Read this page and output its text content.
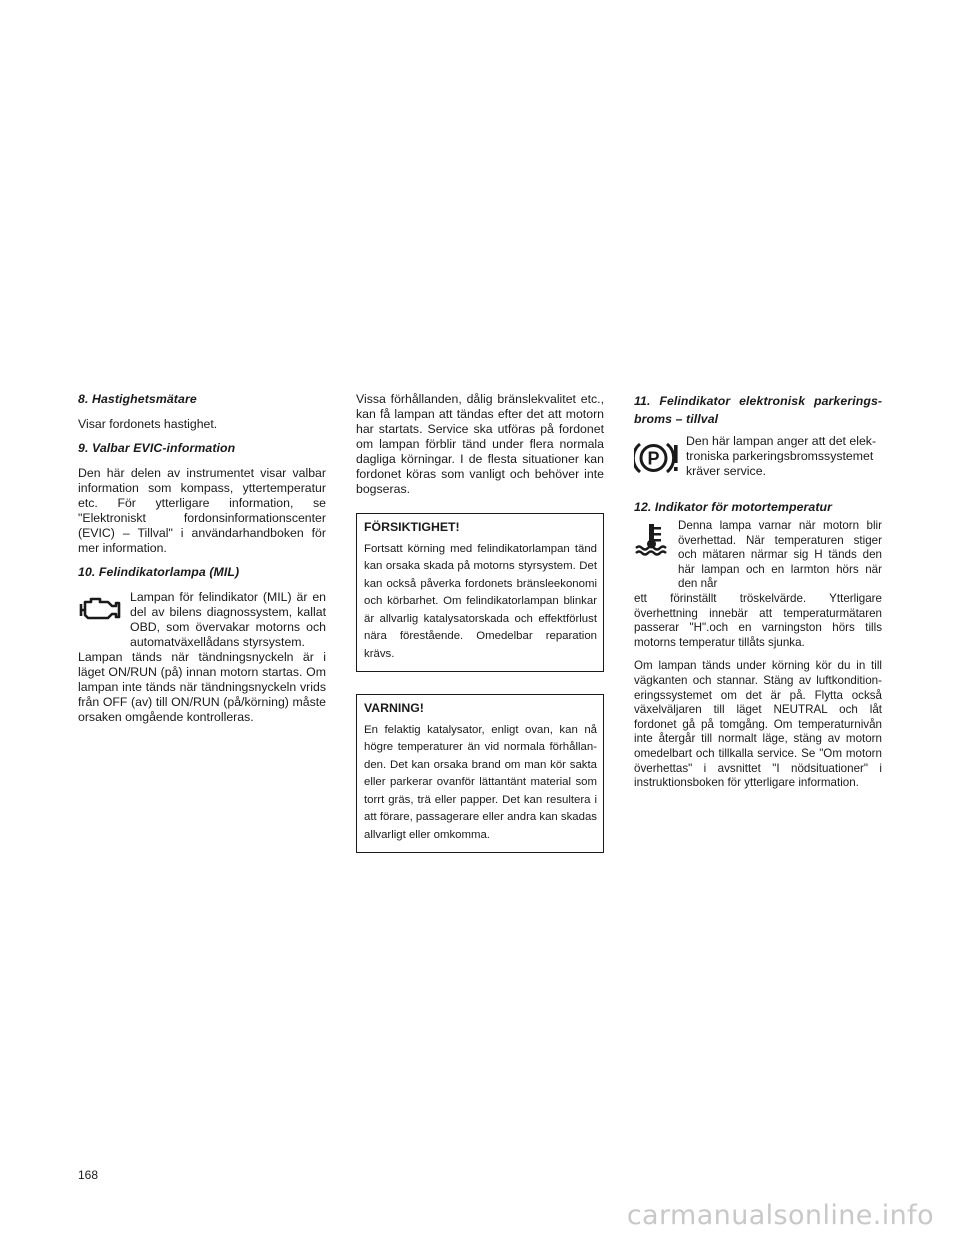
8. Hastighetsmätare

Visar fordonets hastighet.

9. Valbar EVIC-information

Den här delen av instrumentet visar valbar information som kompass, yttertemperatur etc. För ytterligare information, se "Elektroniskt fordonsinformationscenter (EVIC) – Tillval" i användarhandboken för mer information.

10. Felindikatorlampa (MIL)

Lampan för felindikator (MIL) är en del av bilens diagnossystem, kallat OBD, som övervakar motorns och automatväxellådans styrsystem.

Lampan tänds när tändningsnyckeln är i läget ON/RUN (på) innan motorn startas. Om lampan inte tänds när tändningsnyckeln vrids från OFF (av) till ON/RUN (på/körning) måste orsaken omgående kontrolleras.

Vissa förhållanden, dålig bränslekvalitet etc., kan få lampan att tändas efter det att motorn har startats. Service ska utföras på fordonet om lampan förblir tänd under flera normala dagliga körningar. I de flesta situationer kan fordonet köras som vanligt och behöver inte bogseras.

FÖRSIKTIGHET!
Fortsatt körning med felindikatorlampan tänd kan orsaka skada på motorns styrsystem. Det kan också påverka fordonets bränsleekonomi och körbarhet. Om felindikatorlampan blinkar är allvarlig katalysatorskada och effektförlust nära förestående. Omedelbar reparation krävs.
VARNING!
En felaktig katalysator, enligt ovan, kan nå högre temperaturer än vid normala förhållanden. Det kan orsaka brand om man kör sakta eller parkerar ovanför lättantänt material som torrt gräs, trä eller papper. Det kan resultera i att förare, passagerare eller andra kan skadas allvarligt eller omkomma.
11. Felindikator elektronisk parkeringsbroms – tillval
P

Den här lampan anger att det elektroniska parkeringsbromssystemet kräver service.

12. Indikator för motortemperatur

Denna lampa varnar när motorn blir överhettad. När temperaturen stiger och mätaren närmar sig H tänds den här lampan och en larmton hörs när den når

ett förinställt tröskelvärde. Ytterligare överhettning innebär att temperaturmätaren passerar "H".och en varningston hörs tills motorns temperatur tillåts sjunka.

Om lampan tänds under körning kör du in till vägkanten och stannar. Stäng av luftkonditioneringssystemet om det är på. Flytta också växelväljaren till läget NEUTRAL och låt fordonet gå på tomgång. Om temperaturnivån inte återgår till normalt läge, stäng av motorn omedelbart och tillkalla service. Se "Om motorn överhettas" i avsnittet "I nödsituationer" i instruktionsboken för ytterligare information.

168
carmanualsonline.info
